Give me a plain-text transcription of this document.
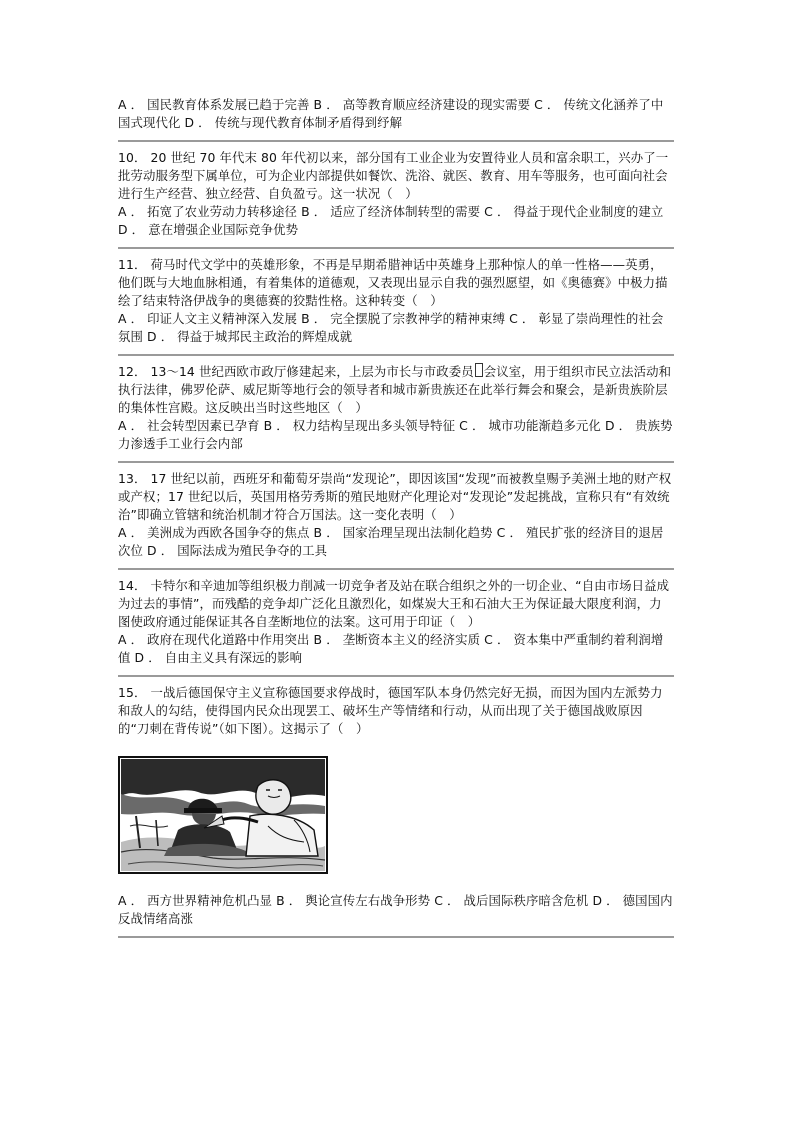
A ． 国民教育体系发展已趋于完善 B ． 高等教育顺应经济建设的现实需要 C ． 传统文化涵养了中国式现代化 D ． 传统与现代教育体制矛盾得到纾解

10． 20 世纪 70 年代末 80 年代初以来，部分国有工业企业为安置待业人员和富余职工，兴办了一批劳动服务型下属单位，可为企业内部提供如餐饮、洗浴、就医、教育、用车等服务，也可面向社会进行生产经营、独立经营、自负盈亏。这一状况（　）

A ． 拓宽了农业劳动力转移途径 B ． 适应了经济体制转型的需要 C ． 得益于现代企业制度的建立 D ． 意在增强企业国际竞争优势

11． 荷马时代文学中的英雄形象，不再是早期希腊神话中英雄身上那种惊人的单一性格——英勇，他们既与大地血脉相通，有着集体的道德观，又表现出显示自我的强烈愿望，如《奥德赛》中极力描绘了结束特洛伊战争的奥德赛的狡黠性格。这种转变（　）

A ． 印证人文主义精神深入发展 B ． 完全摆脱了宗教神学的精神束缚 C ． 彰显了崇尚理性的社会氛围 D ． 得益于城邦民主政治的辉煌成就

12． 13～14 世纪西欧市政厅修建起来，上层为市长与市政委员 会议室，用于组织市民立法活动和执行法律，佛罗伦萨、威尼斯等地行会的领导者和城市新贵族还在此举行舞会和聚会，是新贵族阶层的集体性宫殿。这反映出当时这些地区（　）

A ． 社会转型因素已孕育 B ． 权力结构呈现出多头领导特征 C ． 城市功能渐趋多元化 D ． 贵族势力渗透手工业行会内部

13． 17 世纪以前，西班牙和葡萄牙崇尚“发现论”，即因该国“发现”而被教皇赐予美洲土地的财产权或产权；17 世纪以后，英国用格劳秀斯的殖民地财产化理论对“发现论”发起挑战，宣称只有“有效统治”即确立管辖和统治机制才符合万国法。这一变化表明（　）

A ． 美洲成为西欧各国争夺的焦点 B ． 国家治理呈现出法制化趋势 C ． 殖民扩张的经济目的退居次位 D ． 国际法成为殖民争夺的工具

14． 卡特尔和辛迪加等组织极力削减一切竞争者及站在联合组织之外的一切企业、“自由市场日益成为过去的事情”，而残酷的竞争却广泛化且激烈化，如煤炭大王和石油大王为保证最大限度利润，力图使政府通过能保证其各自垄断地位的法案。这可用于印证（　）

A ． 政府在现代化道路中作用突出 B ． 垄断资本主义的经济实质 C ． 资本集中严重制约着利润增值 D ． 自由主义具有深远的影响

15． 一战后德国保守主义宣称德国要求停战时，德国军队本身仍然完好无损，而因为国内左派势力和敌人的勾结，使得国内民众出现罢工、破坏生产等情绪和行动，从而出现了关于德国战败原因的“刀刺在背传说”（如下图）。这揭示了（　）

A ． 西方世界精神危机凸显 B ． 舆论宣传左右战争形势 C ． 战后国际秩序暗含危机 D ． 德国国内反战情绪高涨
